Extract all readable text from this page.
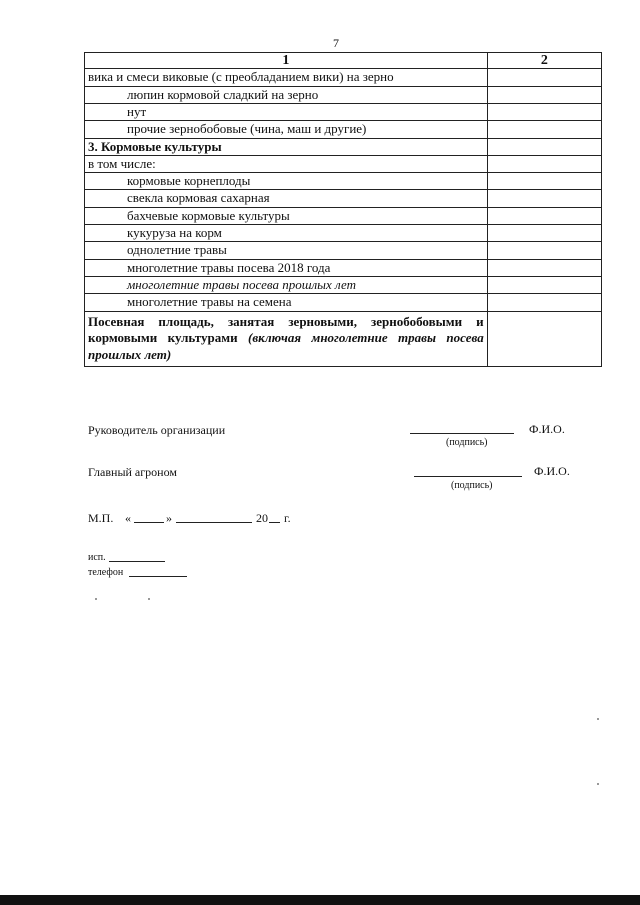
7
1	2
вика и смеси виковые (с преобладанием вики) на зерно	
люпин кормовой сладкий на зерно	
нут	
прочие зернобобовые (чина, маш и другие)	
3. Кормовые культуры	
в том числе:	
кормовые корнеплоды	
свекла кормовая сахарная	
бахчевые кормовые культуры	
кукуруза на корм	
однолетние травы	
многолетние травы посева 2018 года	
многолетние травы посева прошлых лет	
многолетние травы на семена	
Посевная площадь, занятая зерновыми, зернобобовыми и кормовыми культурами (включая многолетние травы посева прошлых лет)	
Руководитель организации
(подпись)
Ф.И.О.
Главный агроном
(подпись)
Ф.И.О.
М.П. «	»	20 г.
исп.
телефон
